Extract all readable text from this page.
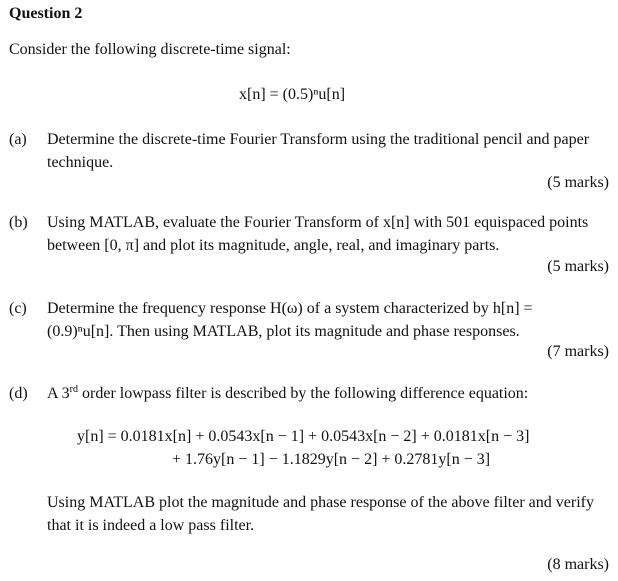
Question 2
Consider the following discrete-time signal:
x[n] = (0.5)ⁿu[n]
(a) Determine the discrete-time Fourier Transform using the traditional pencil and paper
technique.
(5 marks)
(b) Using MATLAB, evaluate the Fourier Transform of x[n] with 501 equispaced points
between [0, π] and plot its magnitude, angle, real, and imaginary parts.
(5 marks)
(c) Determine the frequency response H(ω) of a system characterized by h[n] =
(0.9)ⁿu[n]. Then using MATLAB, plot its magnitude and phase responses.
(7 marks)
(d) A 3rd order lowpass filter is described by the following difference equation:
y[n] = 0.0181x[n] + 0.0543x[n − 1] + 0.0543x[n − 2] + 0.0181x[n − 3]
+ 1.76y[n − 1] − 1.1829y[n − 2] + 0.2781y[n − 3]
Using MATLAB plot the magnitude and phase response of the above filter and verify
that it is indeed a low pass filter.
(8 marks)
